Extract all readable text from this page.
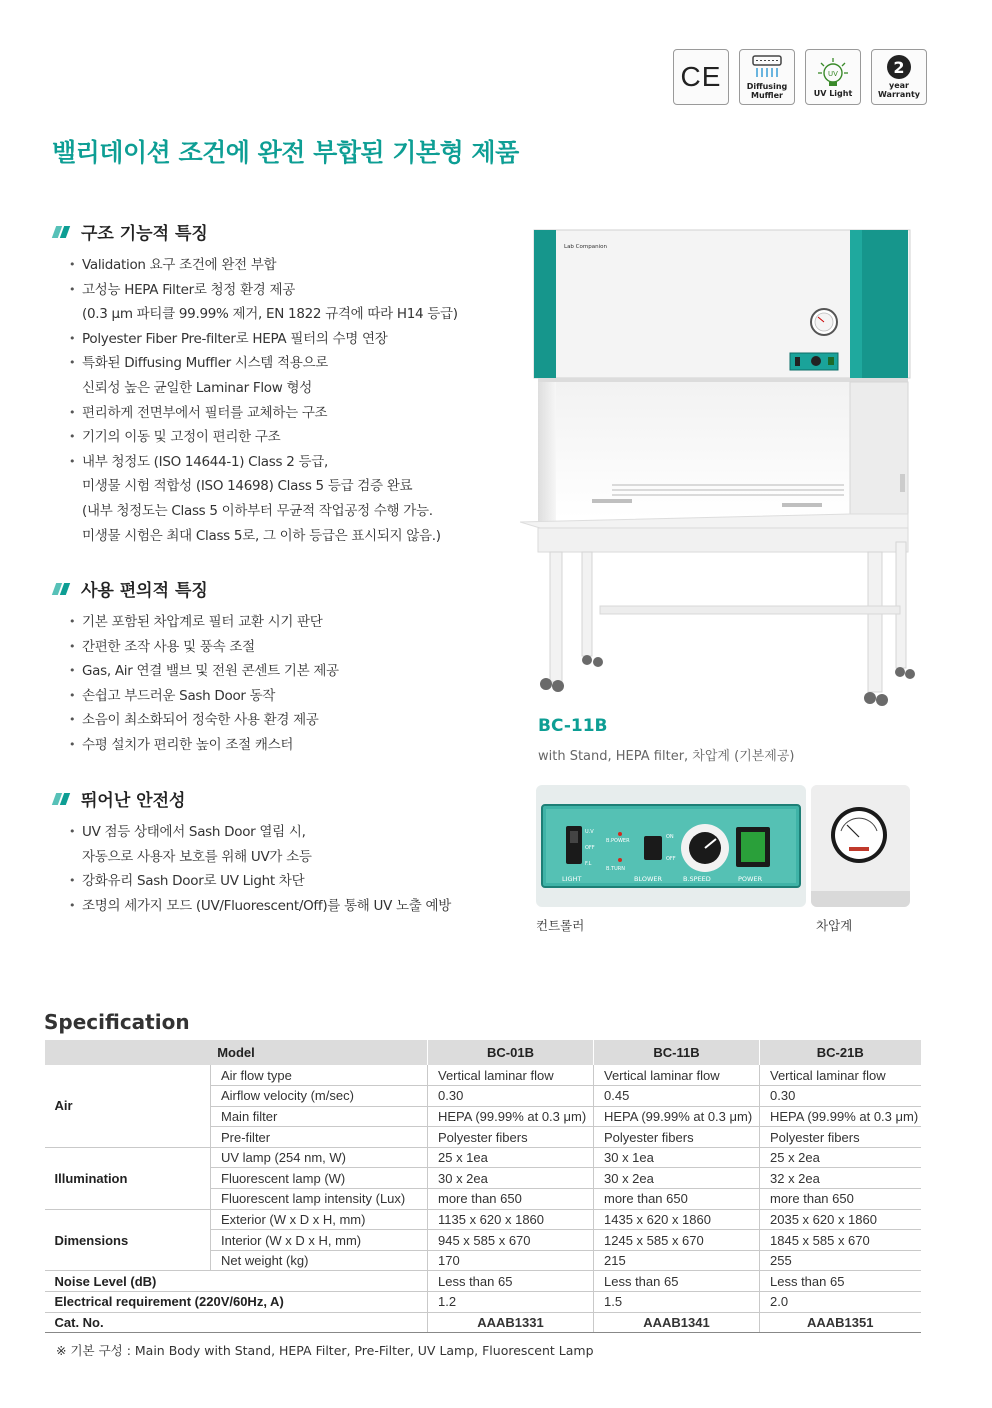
CE	Diffusing Muffler
UV
UV Light
2
year Warranty
밸리데이션 조건에 완전 부합된 기본형 제품
구조 기능적 특징
• Validation 요구 조건에 완전 부합
• 고성능 HEPA Filter로 청정 환경 제공
(0.3 μm 파티클 99.99% 제거, EN 1822 규격에 따라 H14 등급)
• Polyester Fiber Pre-filter로 HEPA 필터의 수명 연장
• 특화된 Diffusing Muffler 시스템 적용으로
신뢰성 높은 균일한 Laminar Flow 형성
• 편리하게 전면부에서 필터를 교체하는 구조
• 기기의 이동 및 고정이 편리한 구조
• 내부 청정도 (ISO 14644-1) Class 2 등급,
미생물 시험 적합성 (ISO 14698) Class 5 등급 검증 완료
(내부 청정도는 Class 5 이하부터 무균적 작업공정 수행 가능.
미생물 시험은 최대 Class 5로, 그 이하 등급은 표시되지 않음.)
사용 편의적 특징
• 기본 포함된 차압계로 필터 교환 시기 판단
• 간편한 조작 사용 및 풍속 조절
• Gas, Air 연결 밸브 및 전원 콘센트 기본 제공
• 손쉽고 부드러운 Sash Door 동작
• 소음이 최소화되어 정숙한 사용 환경 제공
• 수평 설치가 편리한 높이 조절 캐스터
뛰어난 안전성
• UV 점등 상태에서 Sash Door 열림 시,
자동으로 사용자 보호를 위해 UV가 소등
• 강화유리 Sash Door로 UV Light 차단
• 조명의 세가지 모드 (UV/Fluorescent/Off)를 통해 UV 노출 예방
Lab Companion
BC-11B
with Stand, HEPA filter, 차압계 (기본제공)
U.V
OFF
F.L
B.POWER
B.TURN
ON
OFF
LIGHT	BLOWER	B.SPEED	POWER
컨트롤러	차압계
Specification
Model		BC-01B	BC-11B	BC-21B
Air	Air flow type	Vertical laminar flow	Vertical laminar flow	Vertical laminar flow
	Airflow velocity (m/sec)	0.30	0.45	0.30
	Main filter	HEPA (99.99% at 0.3 μm)	HEPA (99.99% at 0.3 μm)	HEPA (99.99% at 0.3 μm)
	Pre-filter	Polyester fibers	Polyester fibers	Polyester fibers
Illumination	UV lamp (254 nm, W)	25 x 1ea	30 x 1ea	25 x 2ea
	Fluorescent lamp (W)	30 x 2ea	30 x 2ea	32 x 2ea
	Fluorescent lamp intensity (Lux)	more than 650	more than 650	more than 650
Dimensions	Exterior (W x D x H, mm)	1135 x 620 x 1860	1435 x 620 x 1860	2035 x 620 x 1860
	Interior (W x D x H, mm)	945 x 585 x 670	1245 x 585 x 670	1845 x 585 x 670
	Net weight (kg)	170	215	255
Noise Level (dB)		Less than 65	Less than 65	Less than 65
Electrical requirement (220V/60Hz, A)		1.2	1.5	2.0
Cat. No.		AAAB1331	AAAB1341	AAAB1351
※ 기본 구성 : Main Body with Stand, HEPA Filter, Pre-Filter, UV Lamp, Fluorescent Lamp
